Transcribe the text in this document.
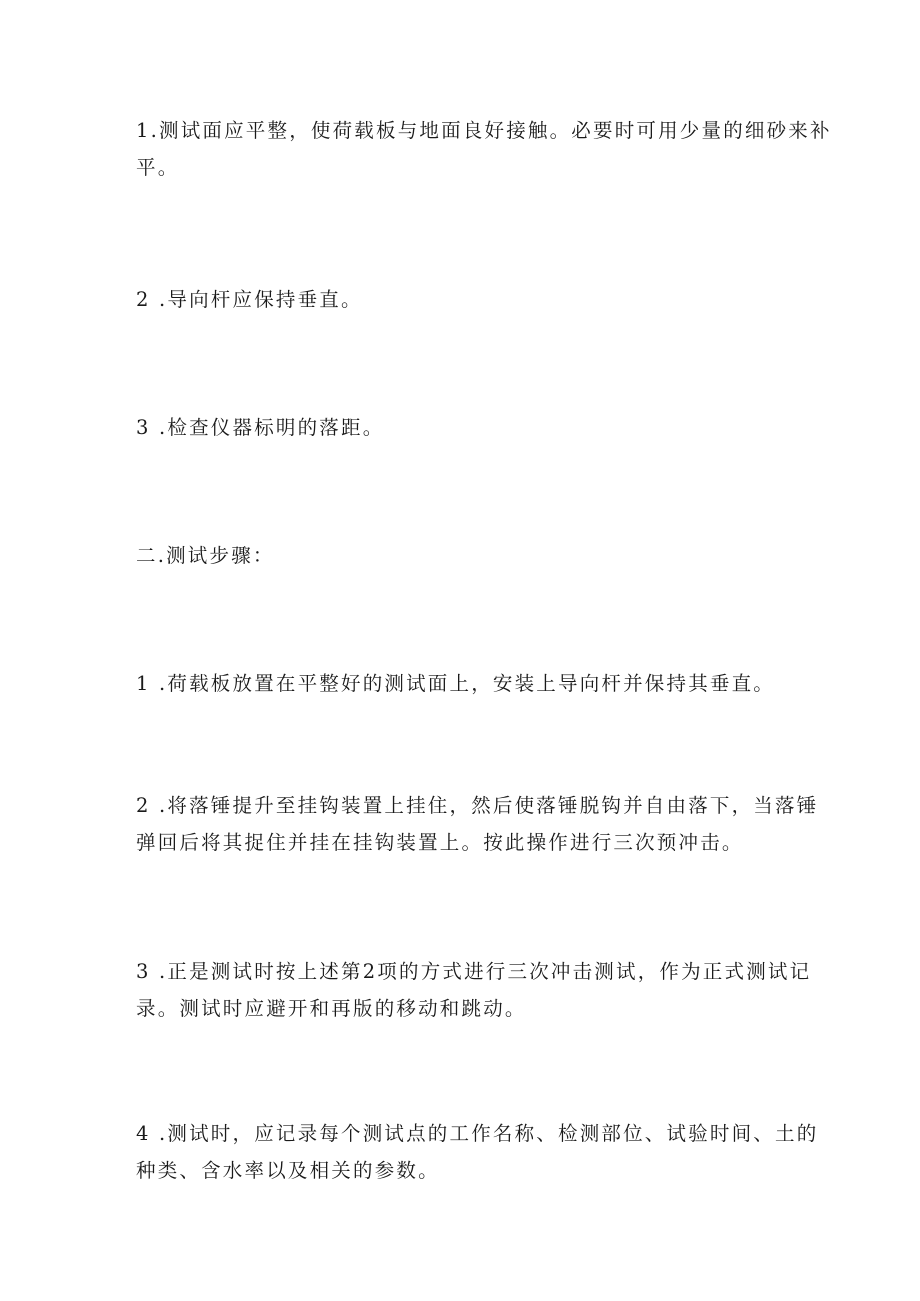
1.测试面应平整，使荷载板与地面良好接触。必要时可用少量的细砂来补
平。
2 .导向杆应保持垂直。
3 .检查仪器标明的落距。
二.测试步骤：
1 .荷载板放置在平整好的测试面上，安装上导向杆并保持其垂直。
2 .将落锤提升至挂钩装置上挂住，然后使落锤脱钩并自由落下，当落锤
弹回后将其捉住并挂在挂钩装置上。按此操作进行三次预冲击。
3 .正是测试时按上述第2项的方式进行三次冲击测试，作为正式测试记
录。测试时应避开和再版的移动和跳动。
4 .测试时，应记录每个测试点的工作名称、检测部位、试验时间、土的
种类、含水率以及相关的参数。
